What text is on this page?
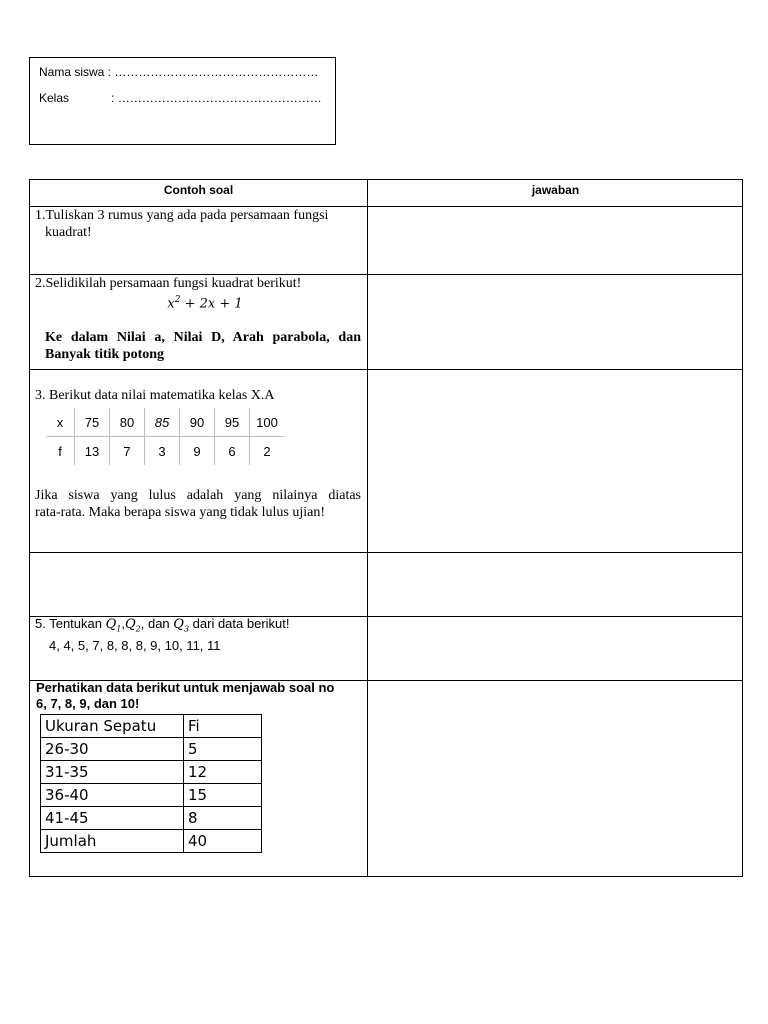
Nama siswa : ……………………………………………
Kelas	: ……………………………………………
Contoh soal	jawaban
1.Tuliskan 3 rumus yang ada pada persamaan fungsi
kuadrat!
2.Selidikilah persamaan fungsi kuadrat berikut!
$x^2 + 2x + 1$
Ke dalam Nilai a, Nilai D, Arah parabola, dan
Banyak titik potong
3. Berikut data nilai matematika kelas X.A
x	75	80	85	90	95	100
f	13	7	3	9	6	2
Jika siswa yang lulus adalah yang nilainya diatas
rata-rata. Maka berapa siswa yang tidak lulus ujian!
5. Tentukan $Q_1,Q_2$, dan $Q_3$ dari data berikut!
4, 4, 5, 7, 8, 8, 8, 9, 10, 11, 11
Perhatikan data berikut untuk menjawab soal no
6, 7, 8, 9, dan 10!
Ukuran Sepatu	Fi
26-30	5
31-35	12
36-40	15
41-45	8
Jumlah	40
